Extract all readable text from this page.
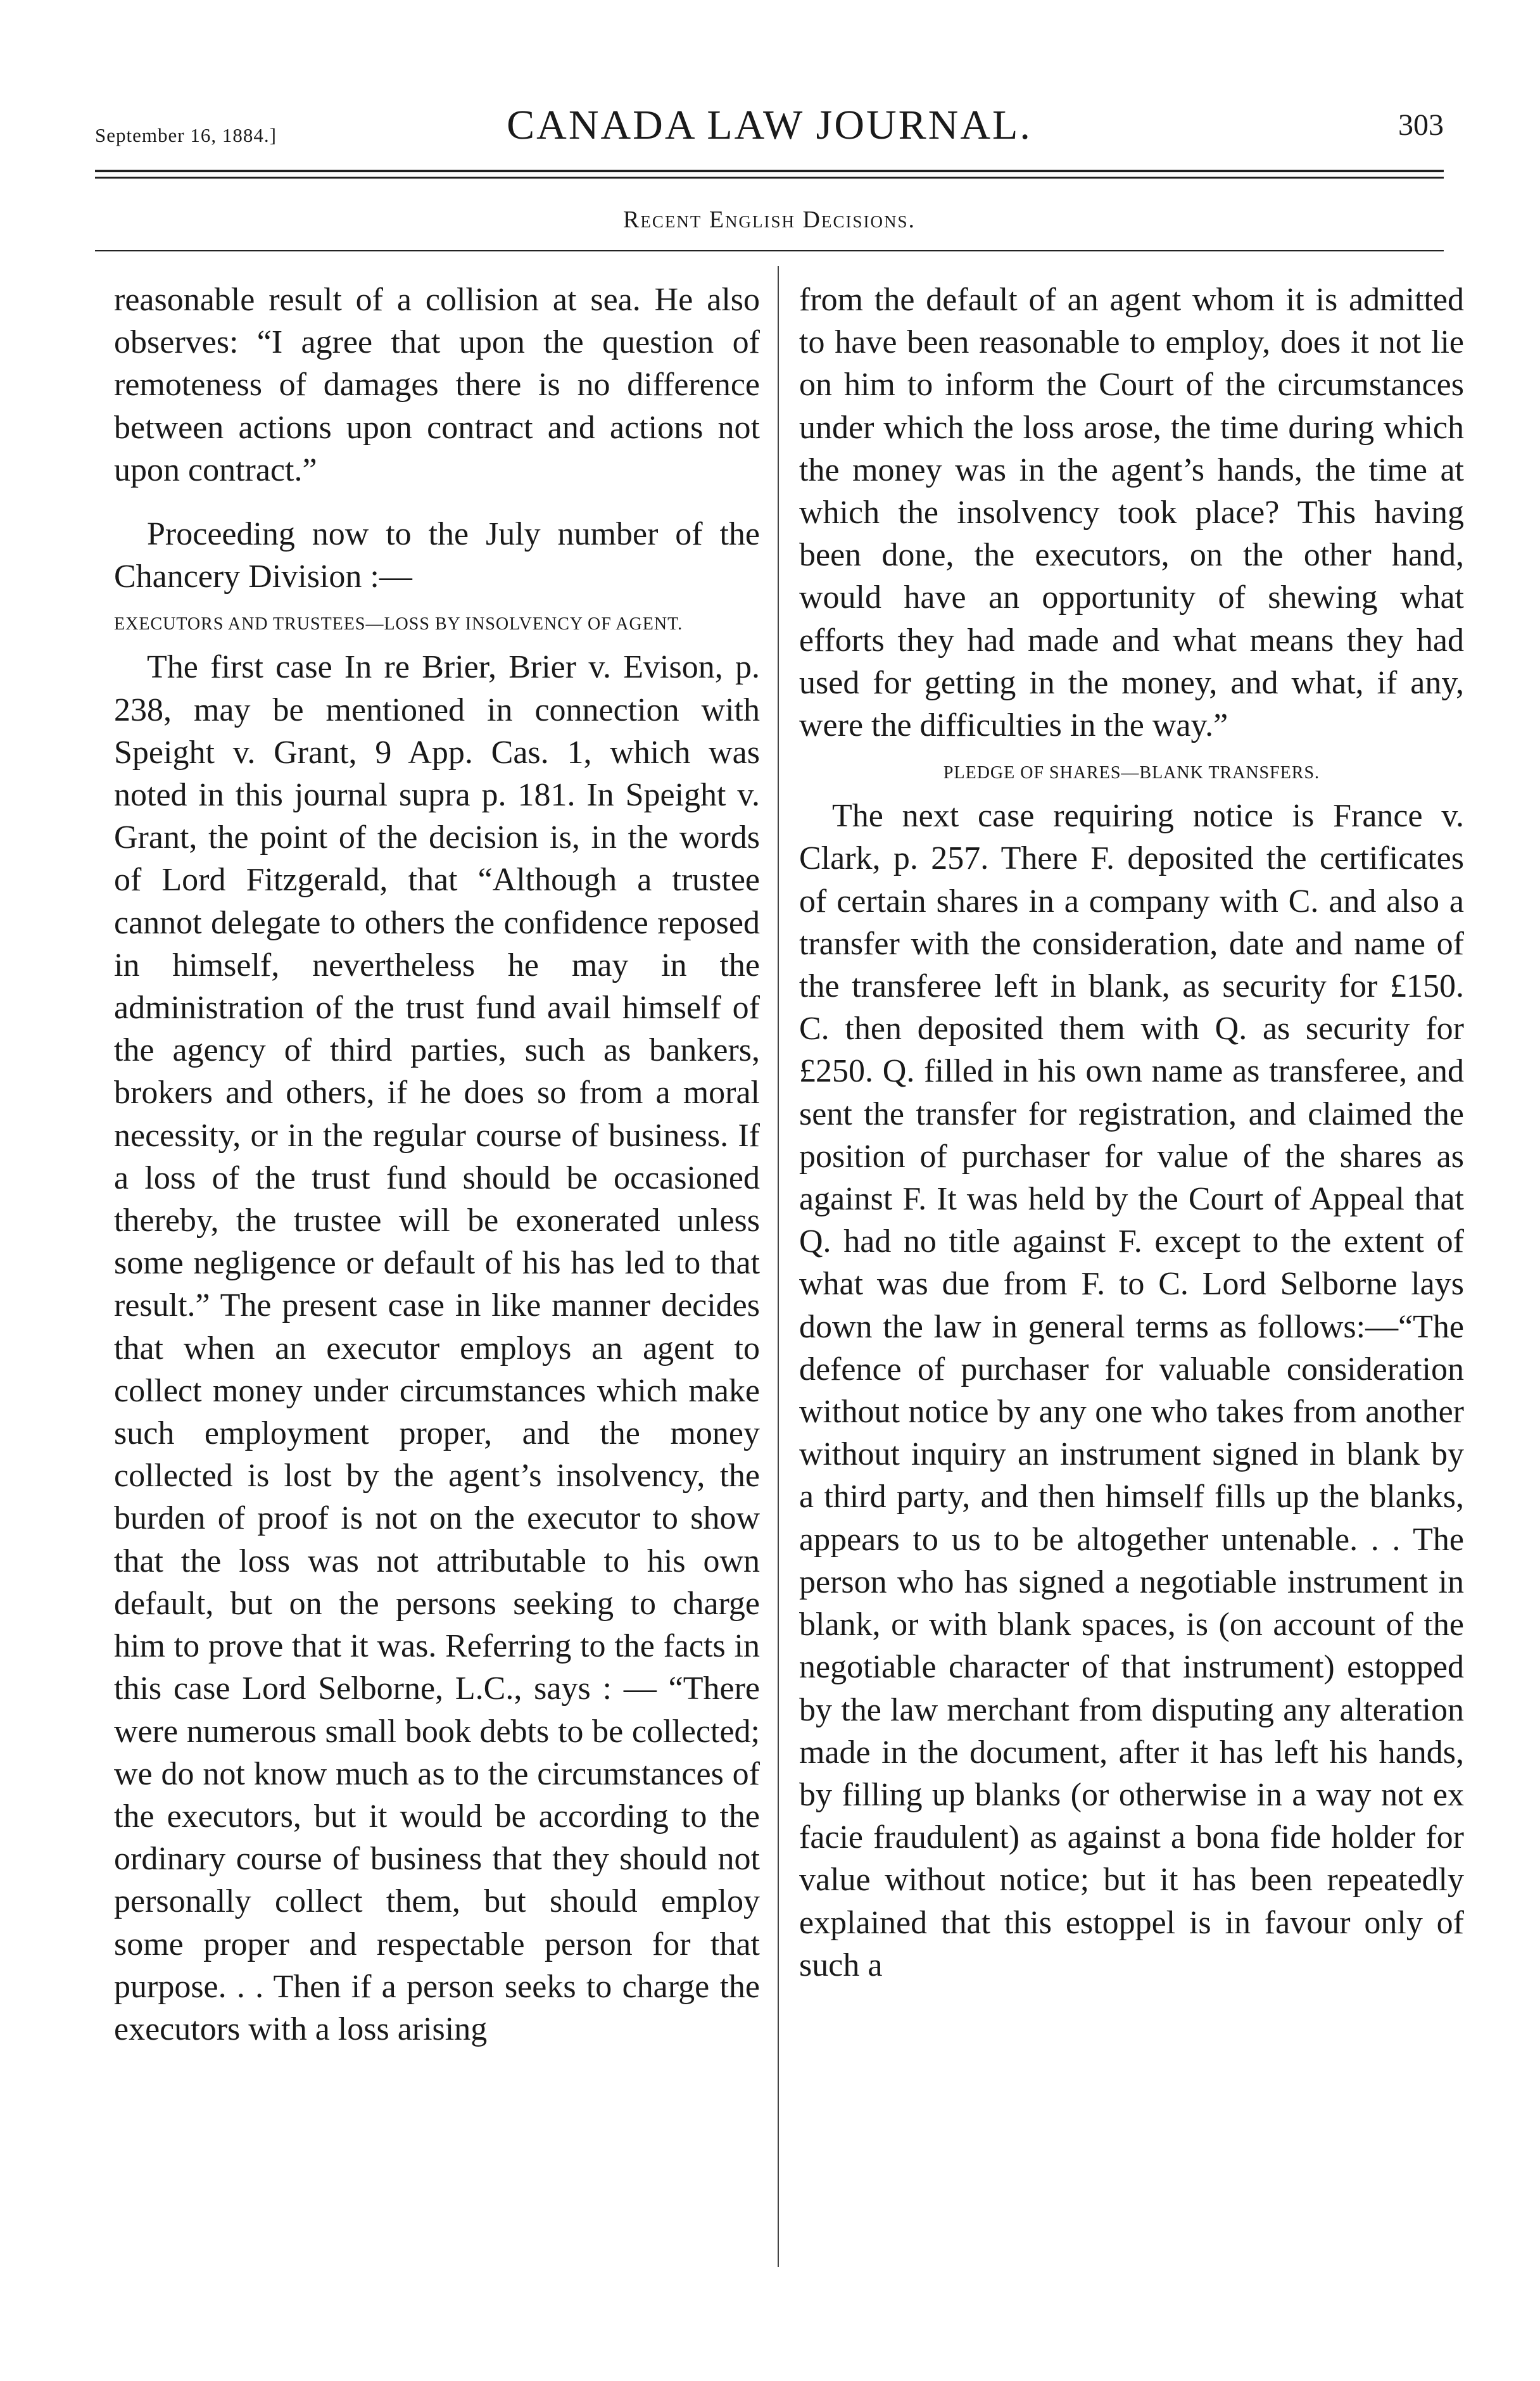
September 16, 1884.]	CANADA LAW JOURNAL.	303
Recent English Decisions.

reasonable result of a collision at sea. He also observes: “I agree that upon the question of remoteness of damages there is no difference between actions upon contract and actions not upon contract.”

Proceeding now to the July number of the Chancery Division :—

EXECUTORS AND TRUSTEES—LOSS BY INSOLVENCY OF AGENT.

The first case In re Brier, Brier v. Evison, p. 238, may be mentioned in connection with Speight v. Grant, 9 App. Cas. 1, which was noted in this journal supra p. 181. In Speight v. Grant, the point of the decision is, in the words of Lord Fitzgerald, that “Although a trustee cannot delegate to others the confidence reposed in himself, nevertheless he may in the administration of the trust fund avail himself of the agency of third parties, such as bankers, brokers and others, if he does so from a moral necessity, or in the regular course of business. If a loss of the trust fund should be occasioned thereby, the trustee will be exonerated unless some negligence or default of his has led to that result.” The present case in like manner decides that when an executor employs an agent to collect money under circumstances which make such employment proper, and the money collected is lost by the agent’s insolvency, the burden of proof is not on the executor to show that the loss was not attributable to his own default, but on the persons seeking to charge him to prove that it was. Referring to the facts in this case Lord Selborne, L.C., says : — “There were numerous small book debts to be collected; we do not know much as to the circumstances of the executors, but it would be according to the ordinary course of business that they should not personally collect them, but should employ some proper and respectable person for that purpose. . . Then if a person seeks to charge the executors with a loss arising

from the default of an agent whom it is admitted to have been reasonable to employ, does it not lie on him to inform the Court of the circumstances under which the loss arose, the time during which the money was in the agent’s hands, the time at which the insolvency took place? This having been done, the executors, on the other hand, would have an opportunity of shewing what efforts they had made and what means they had used for getting in the money, and what, if any, were the difficulties in the way.”

PLEDGE OF SHARES—BLANK TRANSFERS.

The next case requiring notice is France v. Clark, p. 257. There F. deposited the certificates of certain shares in a company with C. and also a transfer with the consideration, date and name of the transferee left in blank, as security for £150. C. then deposited them with Q. as security for £250. Q. filled in his own name as transferee, and sent the transfer for registration, and claimed the position of purchaser for value of the shares as against F. It was held by the Court of Appeal that Q. had no title against F. except to the extent of what was due from F. to C. Lord Selborne lays down the law in general terms as follows:—“The defence of purchaser for valuable consideration without notice by any one who takes from another without inquiry an instrument signed in blank by a third party, and then himself fills up the blanks, appears to us to be altogether untenable. . . The person who has signed a negotiable instrument in blank, or with blank spaces, is (on account of the negotiable character of that instrument) estopped by the law merchant from disputing any alteration made in the document, after it has left his hands, by filling up blanks (or otherwise in a way not ex facie fraudulent) as against a bona fide holder for value without notice; but it has been repeatedly explained that this estoppel is in favour only of such a
